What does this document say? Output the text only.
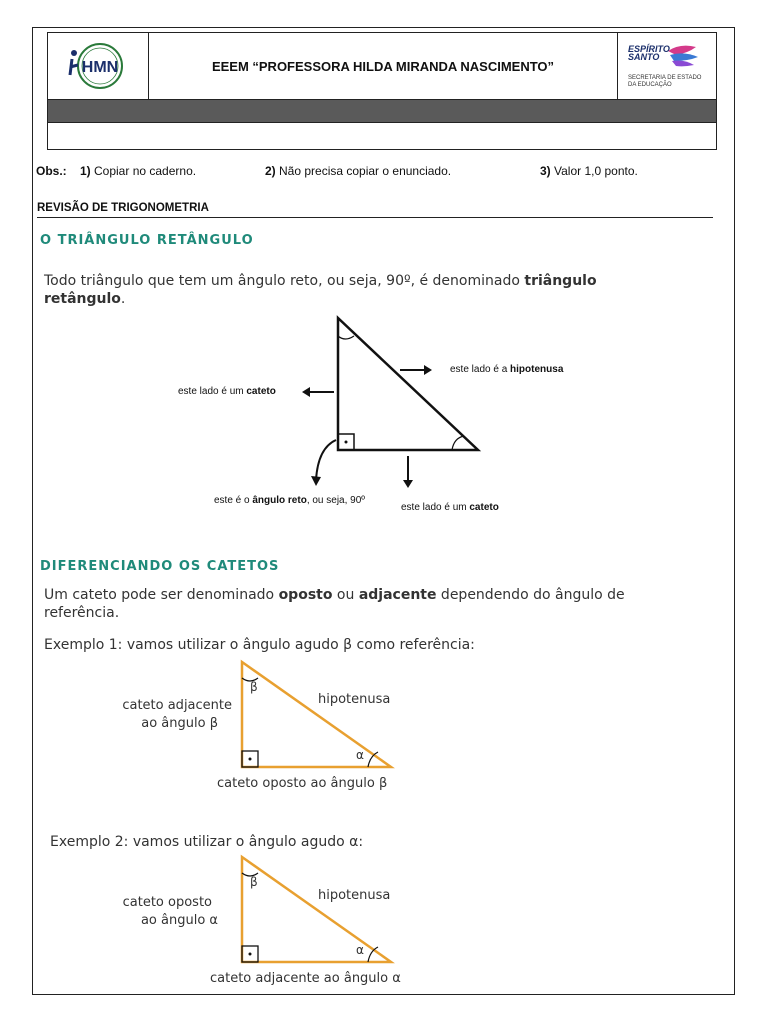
HMN	EEEM “PROFESSORA HILDA MIRANDA NASCIMENTO”
ESPÍRITO
SANTO
SECRETARIA DE ESTADO DA EDUCAÇÃO
Obs.: 1) Copiar no caderno.	2) Não precisa copiar o enunciado.	3) Valor 1,0 ponto.
REVISÃO DE TRIGONOMETRIA
O TRIÂNGULO RETÂNGULO
Todo triângulo que tem um ângulo reto, ou seja, 90º, é denominado triângulo retângulo.
este lado é a hipotenusa
este lado é um cateto
este é o ângulo reto, ou seja, 90º
este lado é um cateto
DIFERENCIANDO OS CATETOS
Um cateto pode ser denominado oposto ou adjacente dependendo do ângulo de referência.
Exemplo 1: vamos utilizar o ângulo agudo β como referência:
cateto adjacente
ao ângulo β
hipotenusa
cateto oposto ao ângulo β
β
α
Exemplo 2: vamos utilizar o ângulo agudo α:
cateto oposto
ao ângulo α
hipotenusa
cateto adjacente ao ângulo α
β
α
